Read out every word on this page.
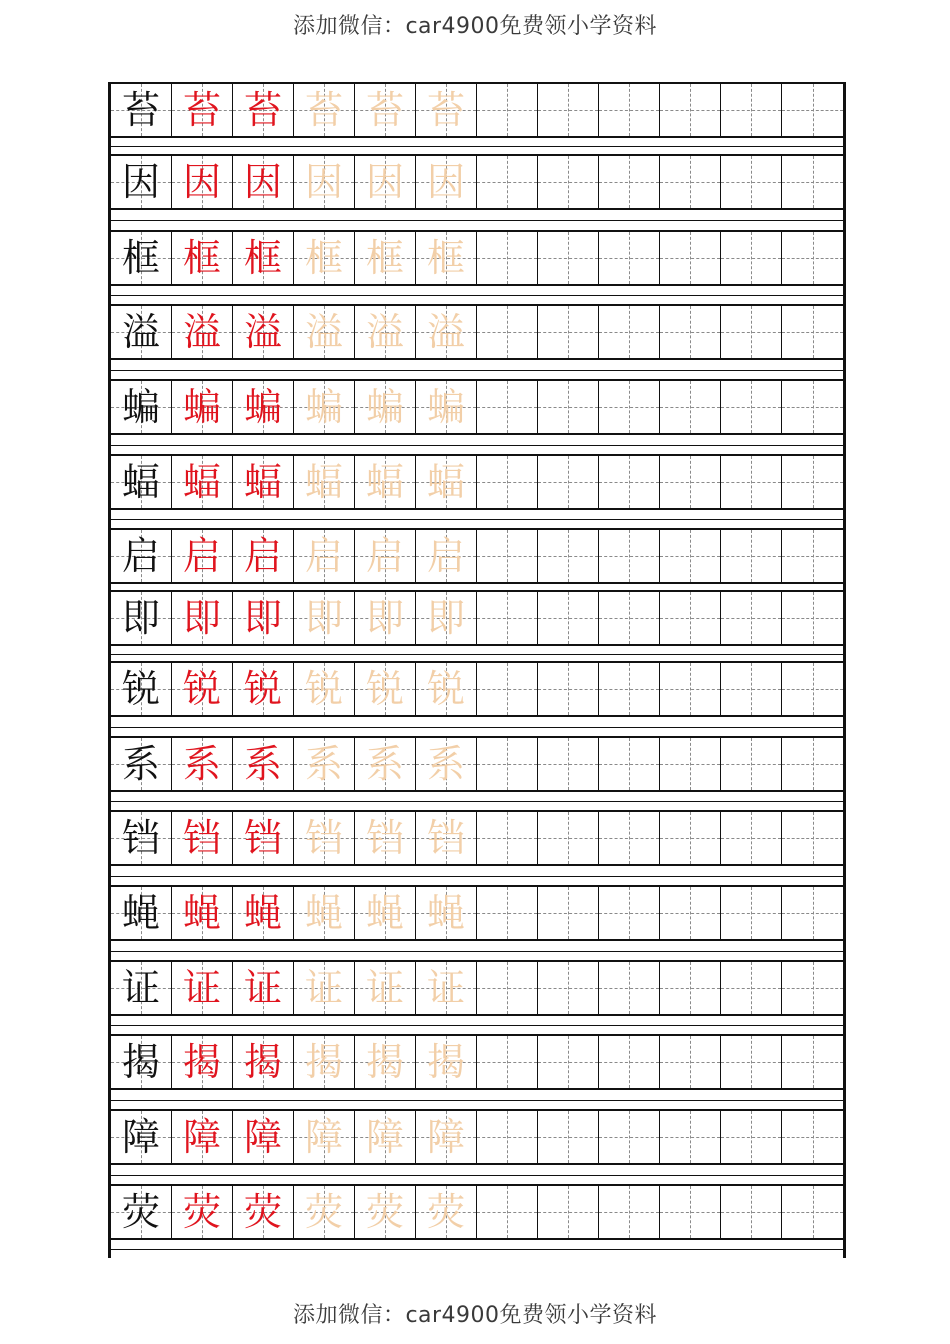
添加微信：car4900免费领小学资料
苔 苔 苔 苔 苔 苔
因 因 因 因 因 因
框 框 框 框 框 框
溢 溢 溢 溢 溢 溢
蝙 蝙 蝙 蝙 蝙 蝙
蝠 蝠 蝠 蝠 蝠 蝠
启 启 启 启 启 启
即 即 即 即 即 即
锐 锐 锐 锐 锐 锐
系 系 系 系 系 系
铛 铛 铛 铛 铛 铛
蝇 蝇 蝇 蝇 蝇 蝇
证 证 证 证 证 证
揭 揭 揭 揭 揭 揭
障 障 障 障 障 障
荧 荧 荧 荧 荧 荧
添加微信：car4900免费领小学资料
